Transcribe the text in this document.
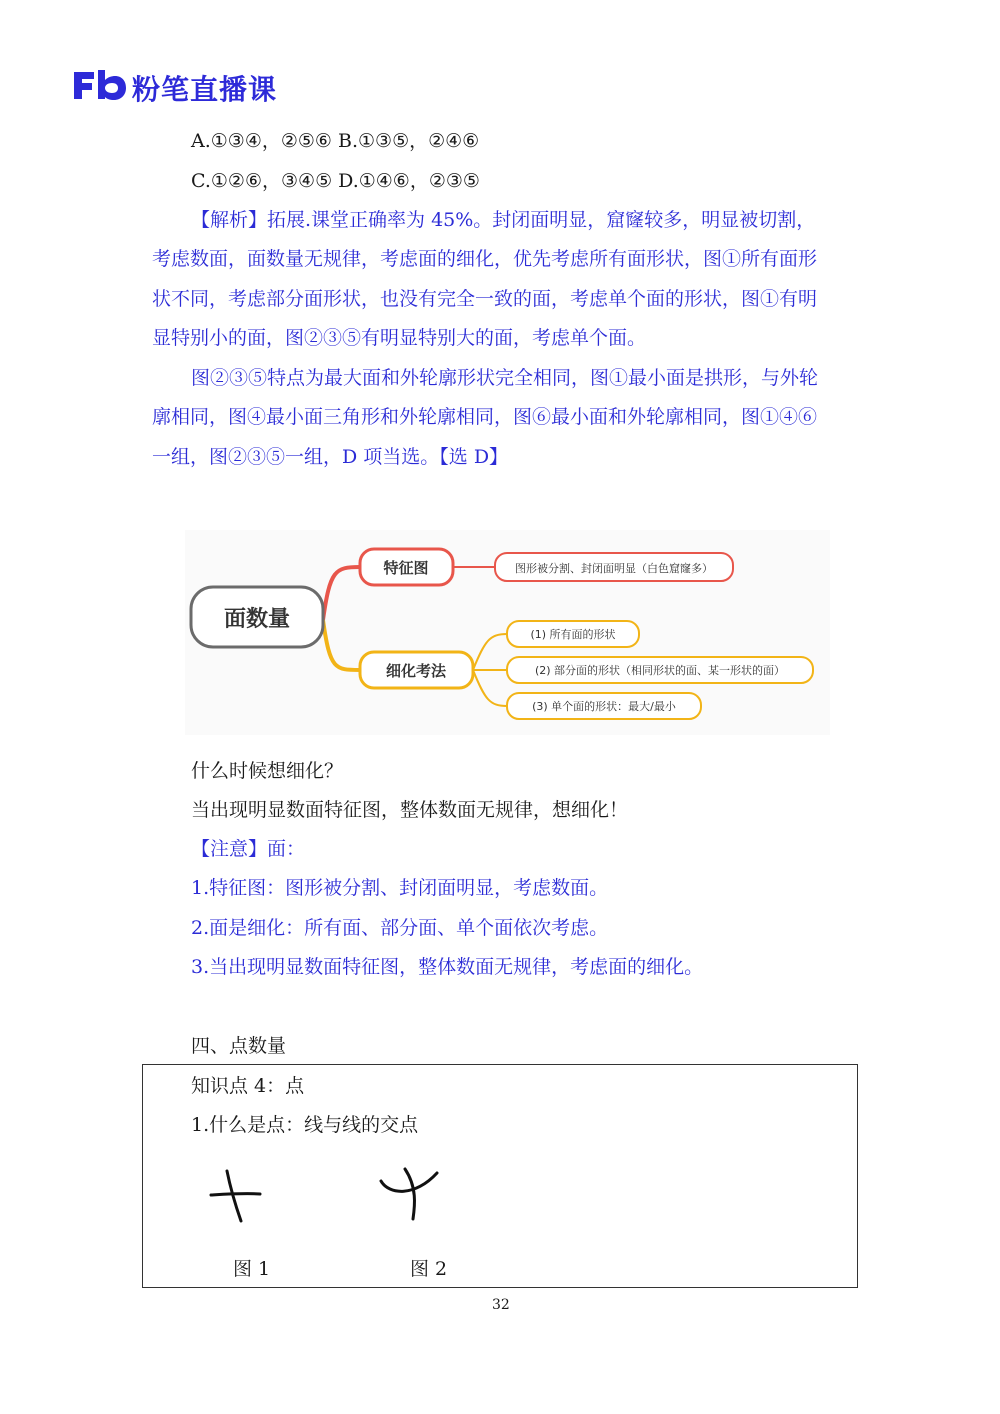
粉笔直播课
A.①③④，②⑤⑥ B.①③⑤，②④⑥
C.①②⑥，③④⑤ D.①④⑥，②③⑤
【解析】拓展.课堂正确率为 45%。封闭面明显，窟窿较多，明显被切割，
考虑数面，面数量无规律，考虑面的细化，优先考虑所有面形状，图①所有面形
状不同，考虑部分面形状，也没有完全一致的面，考虑单个面的形状，图①有明
显特别小的面，图②③⑤有明显特别大的面，考虑单个面。
图②③⑤特点为最大面和外轮廓形状完全相同，图①最小面是拱形，与外轮
廓相同，图④最小面三角形和外轮廓相同，图⑥最小面和外轮廓相同，图①④⑥
一组，图②③⑤一组，D 项当选。【选 D】
面数量
特征图	图形被分割、封闭面明显（白色窟窿多）
细化考法
(1) 所有面的形状
(2) 部分面的形状（相同形状的面、某一形状的面）
(3) 单个面的形状：最大/最小
什么时候想细化？
当出现明显数面特征图，整体数面无规律，想细化！
【注意】面：
1.特征图：图形被分割、封闭面明显，考虑数面。
2.面是细化：所有面、部分面、单个面依次考虑。
3.当出现明显数面特征图，整体数面无规律，考虑面的细化。
四、点数量
知识点 4：点
1.什么是点：线与线的交点
图 1	图 2
32
